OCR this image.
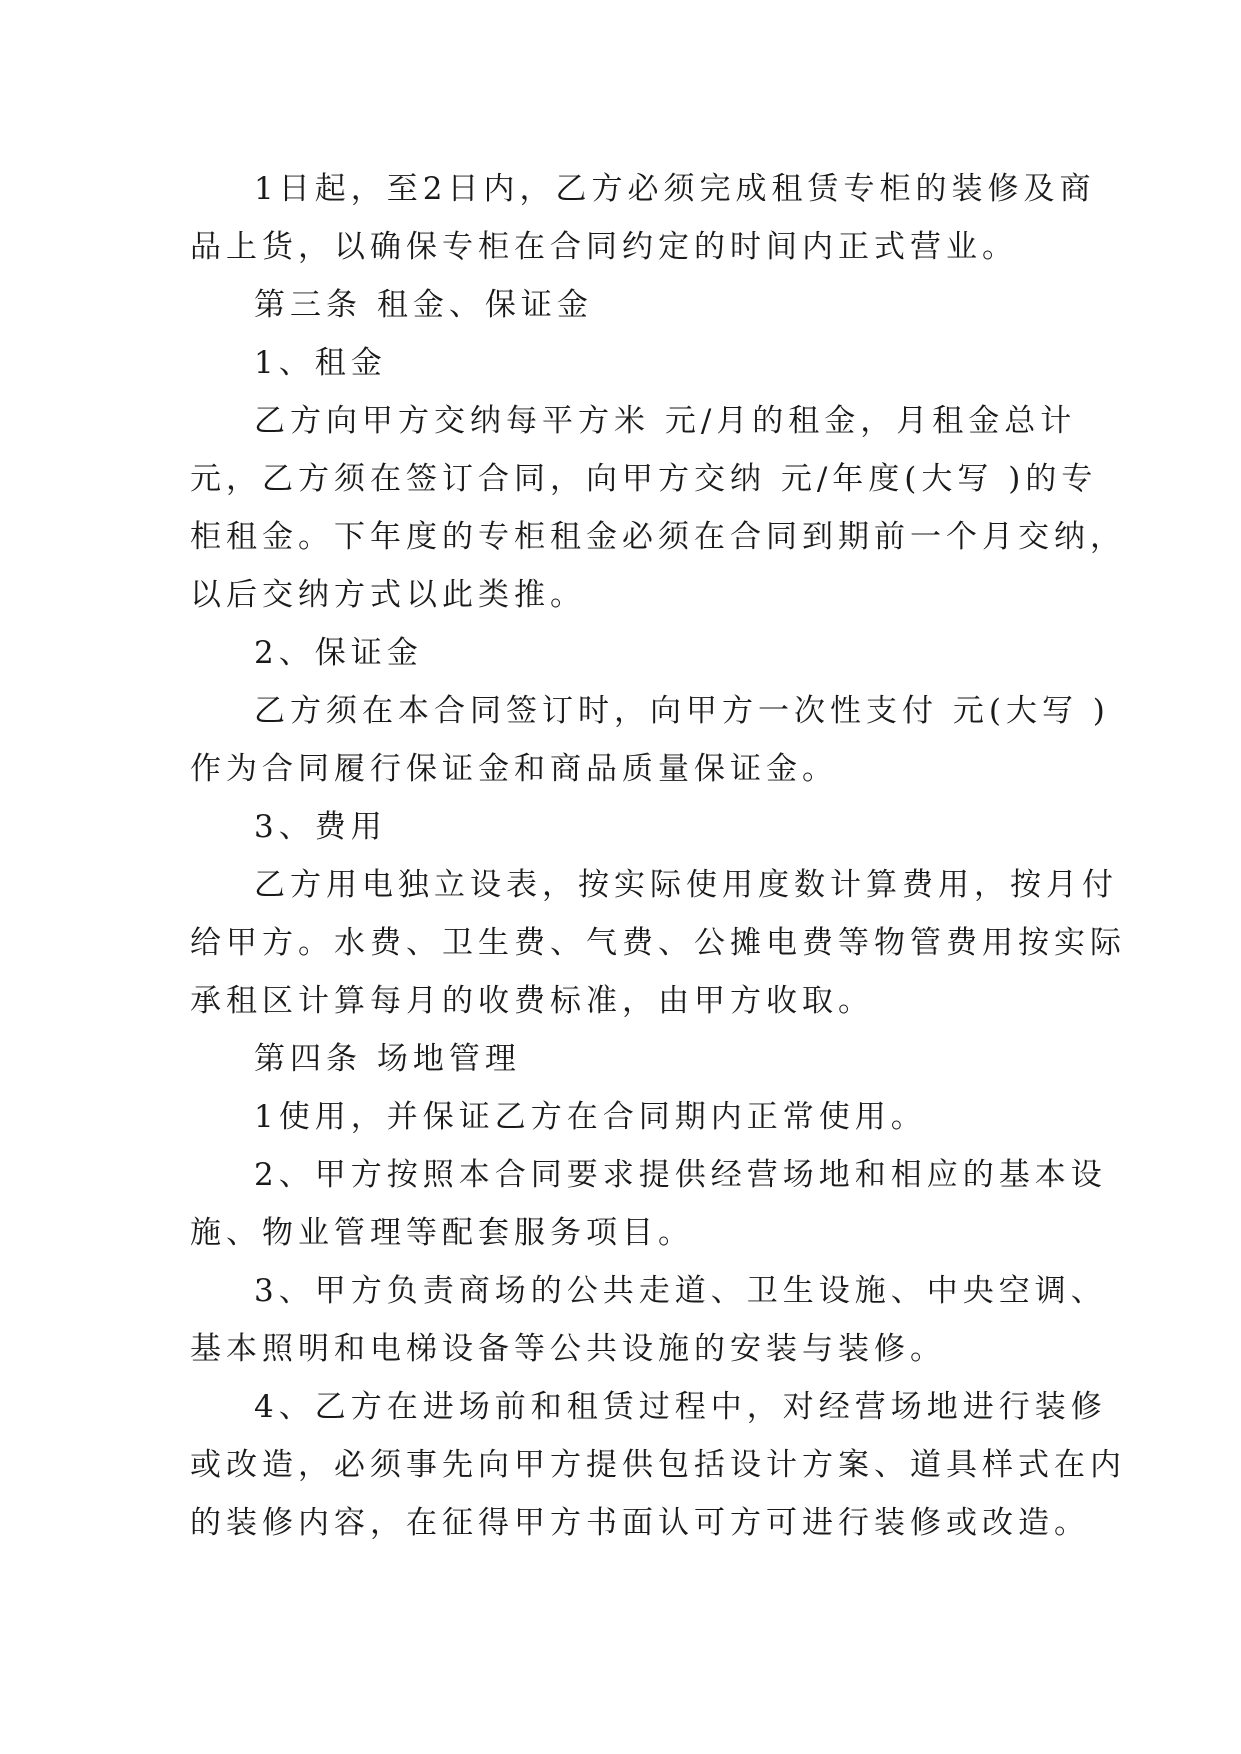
1日起，至2日内，乙方必须完成租赁专柜的装修及商
品上货，以确保专柜在合同约定的时间内正式营业。
第三条 租金、保证金
1、租金
乙方向甲方交纳每平方米 元/月的租金，月租金总计
元，乙方须在签订合同，向甲方交纳 元/年度(大写 )的专
柜租金。下年度的专柜租金必须在合同到期前一个月交纳，
以后交纳方式以此类推。
2、保证金
乙方须在本合同签订时，向甲方一次性支付 元(大写 )
作为合同履行保证金和商品质量保证金。
3、费用
乙方用电独立设表，按实际使用度数计算费用，按月付
给甲方。水费、卫生费、气费、公摊电费等物管费用按实际
承租区计算每月的收费标准，由甲方收取。
第四条 场地管理
1使用，并保证乙方在合同期内正常使用。
2、甲方按照本合同要求提供经营场地和相应的基本设
施、物业管理等配套服务项目。
3、甲方负责商场的公共走道、卫生设施、中央空调、
基本照明和电梯设备等公共设施的安装与装修。
4、乙方在进场前和租赁过程中，对经营场地进行装修
或改造，必须事先向甲方提供包括设计方案、道具样式在内
的装修内容，在征得甲方书面认可方可进行装修或改造。
